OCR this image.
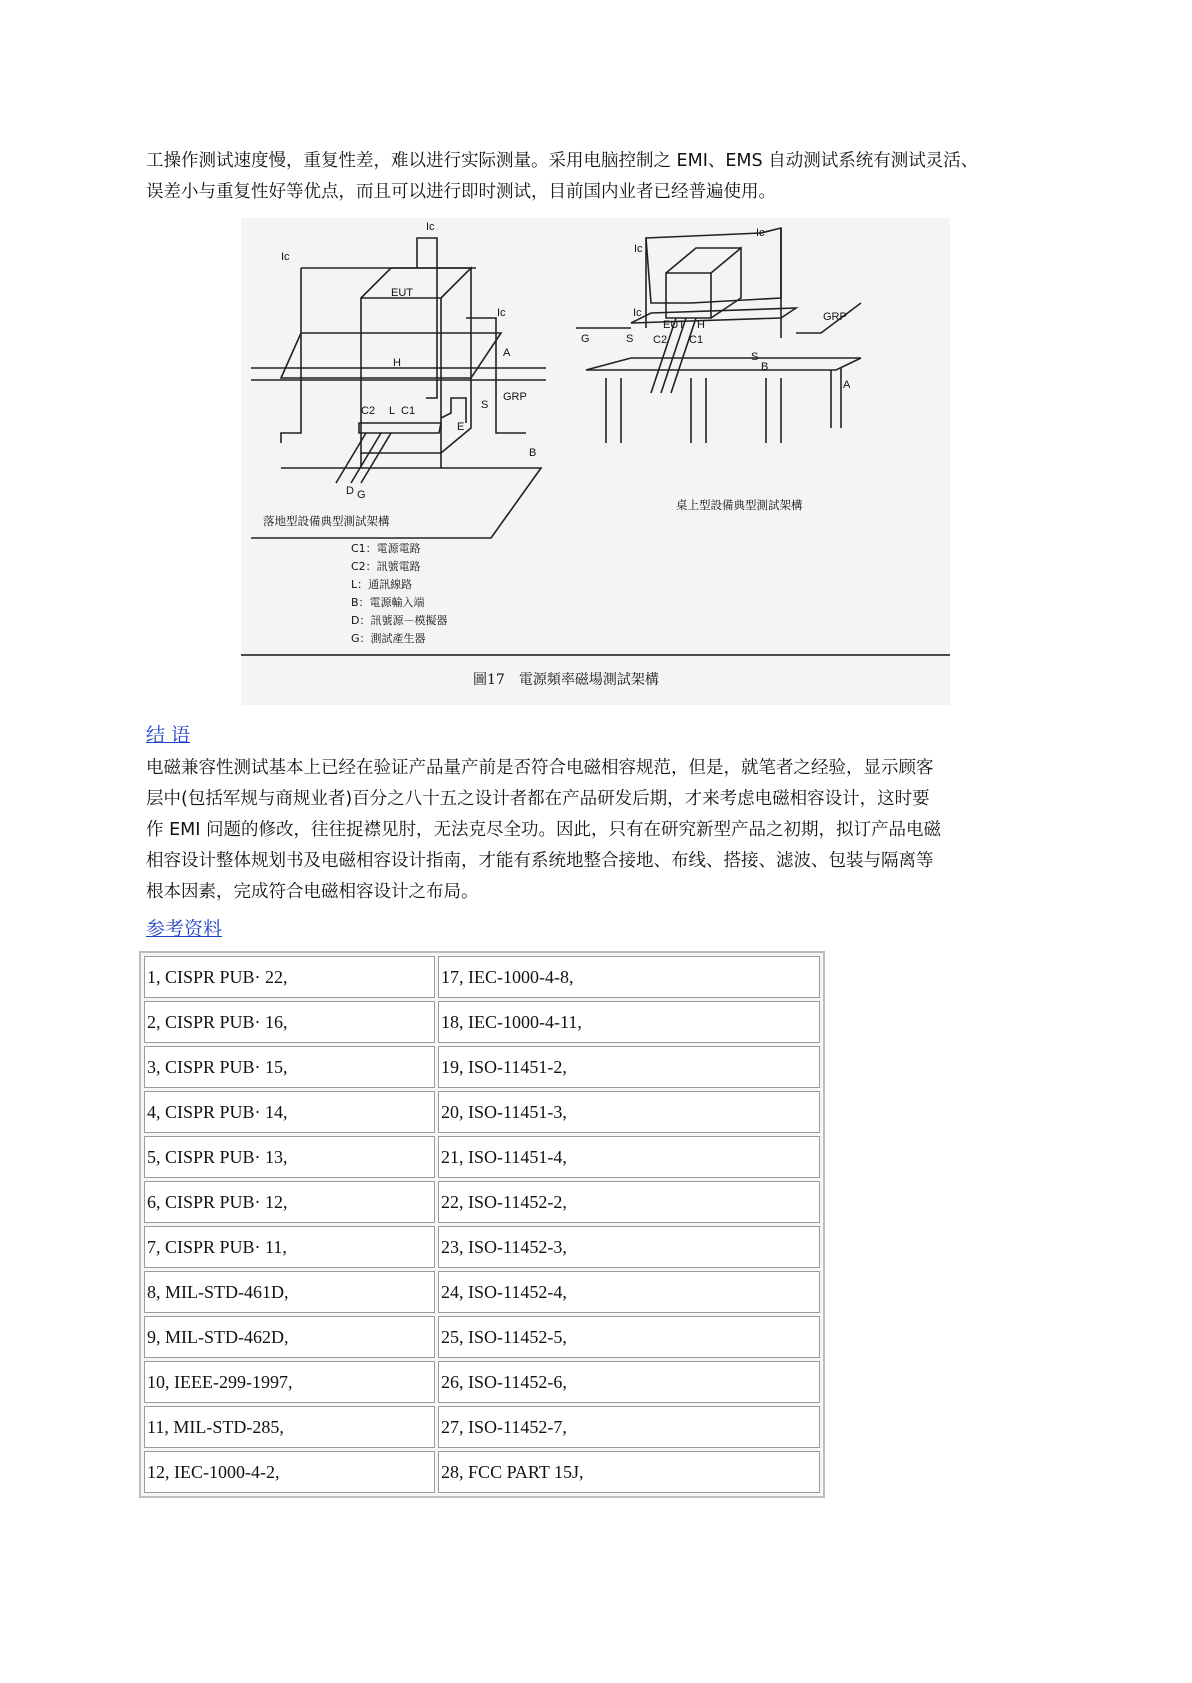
工操作测试速度慢，重复性差，难以进行实际测量。采用电脑控制之 EMI、EMS 自动测试系统有测试灵活、
误差小与重复性好等优点，而且可以进行即时测试，目前国内业者已经普遍使用。
Ic
Ic
Ic
EUT
H
A
GRP
S
B
E
C2 L C1
D G
Ic
Ic
Ic
EUT H
GRP
G	S
S
B
A
C2 C1
落地型設備典型測試架構
桌上型設備典型測試架構
C1：電源電路
C2：訊號電路
L：通訊線路
B：電源輸入端
D：訊號源－模擬器
G：測試產生器
圖17　電源頻率磁場測試架構
结 语
电磁兼容性测试基本上已经在验证产品量产前是否符合电磁相容规范，但是，就笔者之经验，显示顾客
层中(包括军规与商规业者)百分之八十五之设计者都在产品研发后期，才来考虑电磁相容设计，这时要
作 EMI 问题的修改，往往捉襟见肘，无法克尽全功。因此，只有在研究新型产品之初期，拟订产品电磁
相容设计整体规划书及电磁相容设计指南，才能有系统地整合接地、布线、搭接、滤波、包装与隔离等
根本因素，完成符合电磁相容设计之布局。
参考资料
1, CISPR PUB· 22,	17, IEC-1000-4-8,
2, CISPR PUB· 16,	18, IEC-1000-4-11,
3, CISPR PUB· 15,	19, ISO-11451-2,
4, CISPR PUB· 14,	20, ISO-11451-3,
5, CISPR PUB· 13,	21, ISO-11451-4,
6, CISPR PUB· 12,	22, ISO-11452-2,
7, CISPR PUB· 11,	23, ISO-11452-3,
8, MIL-STD-461D,	24, ISO-11452-4,
9, MIL-STD-462D,	25, ISO-11452-5,
10, IEEE-299-1997,	26, ISO-11452-6,
11, MIL-STD-285,	27, ISO-11452-7,
12, IEC-1000-4-2,	28, FCC PART 15J,
